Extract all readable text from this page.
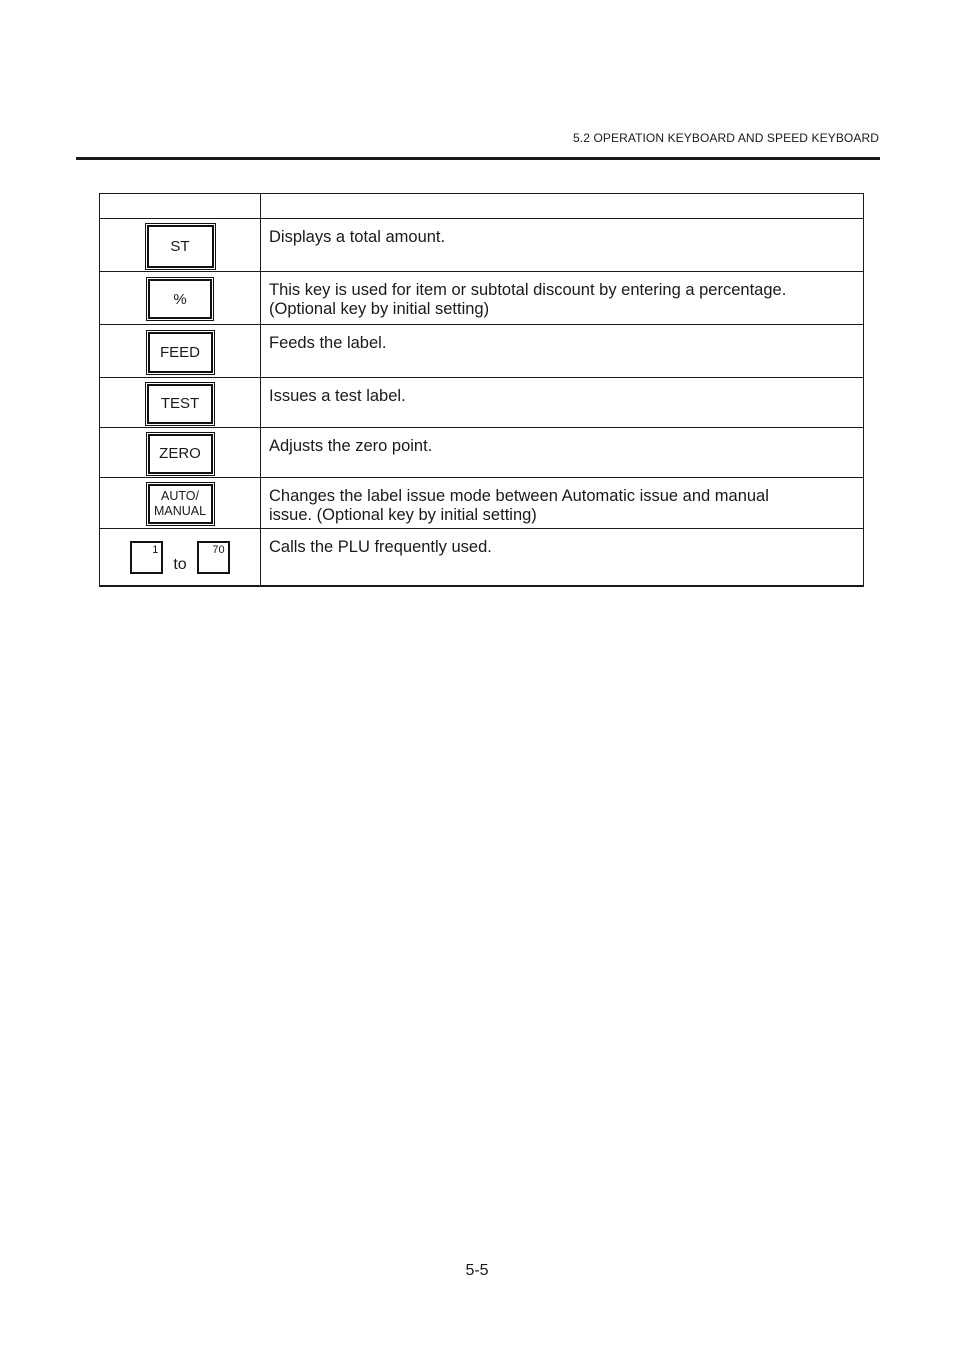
5.2 OPERATION KEYBOARD AND SPEED KEYBOARD

ST	Displays a total amount.

%	This key is used for item or subtotal discount by entering a percentage.
(Optional key by initial setting)

FEED	Feeds the label.

TEST	Issues a test label.

ZERO	Adjusts the zero point.

AUTO/
MANUAL	Changes the label issue mode between Automatic issue and manual
issue. (Optional key by initial setting)

1
to
70	Calls the PLU frequently used.
5-5
